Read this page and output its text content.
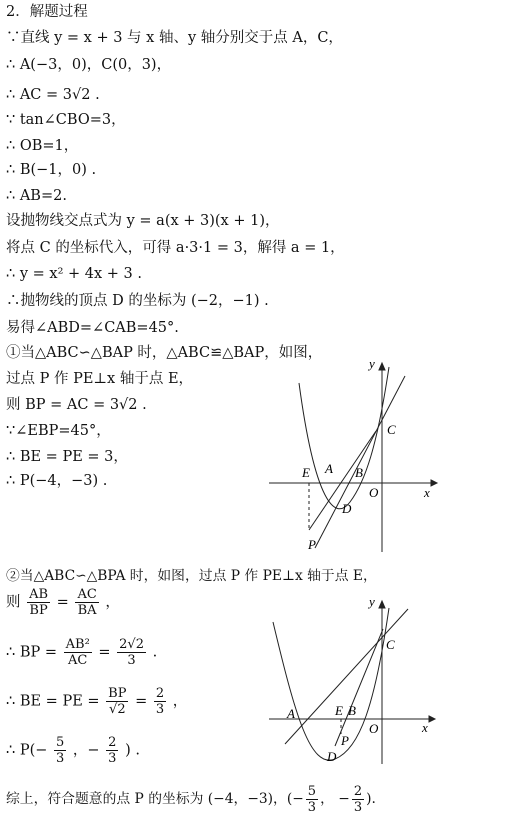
2．解题过程
∵直线 y = x + 3 与 x 轴、y 轴分别交于点 A，C，
∴ A(−3，0)，C(0，3)，
∴ AC = 3√2 .
∵ tan∠CBO=3，
∴ OB=1，
∴ B(−1，0) .
∴ AB=2.
设抛物线交点式为 y = a(x + 3)(x + 1)，
将点 C 的坐标代入，可得 a·3·1 = 3，解得 a = 1，
∴ y = x² + 4x + 3 .
∴抛物线的顶点 D 的坐标为 (−2，−1) .
易得∠ABD=∠CAB=45°.
①当△ABC∽△BAP 时，△ABC≌△BAP，如图，
过点 P 作 PE⊥x 轴于点 E，
则 BP = AC = 3√2 .
∵∠EBP=45°，
∴ BE = PE = 3，
∴ P(−4，−3) .
②当△ABC∽△BPA 时，如图，过点 P 作 PE⊥x 轴于点 E，
则 $\frac{AB}{BP} = \frac{AC}{BA}$ ，
∴ BP = $\frac{\text{AB²}}{AC} = \frac{2√2}{3}$ .
∴ BE = PE = $\frac{BP}{√2} = \frac{2}{3}$ ，
∴ $P(- \frac{5}{3}$ ，− $\frac{2}{3}$ ) .
综上，符合题意的点 P 的坐标为 (−4，−3)，(− $\frac{5}{3}$ ， − $\frac{2}{3}$ ).
y
x
C
E A B
O
D
P
y
x
C
A	E B
O
P
D
